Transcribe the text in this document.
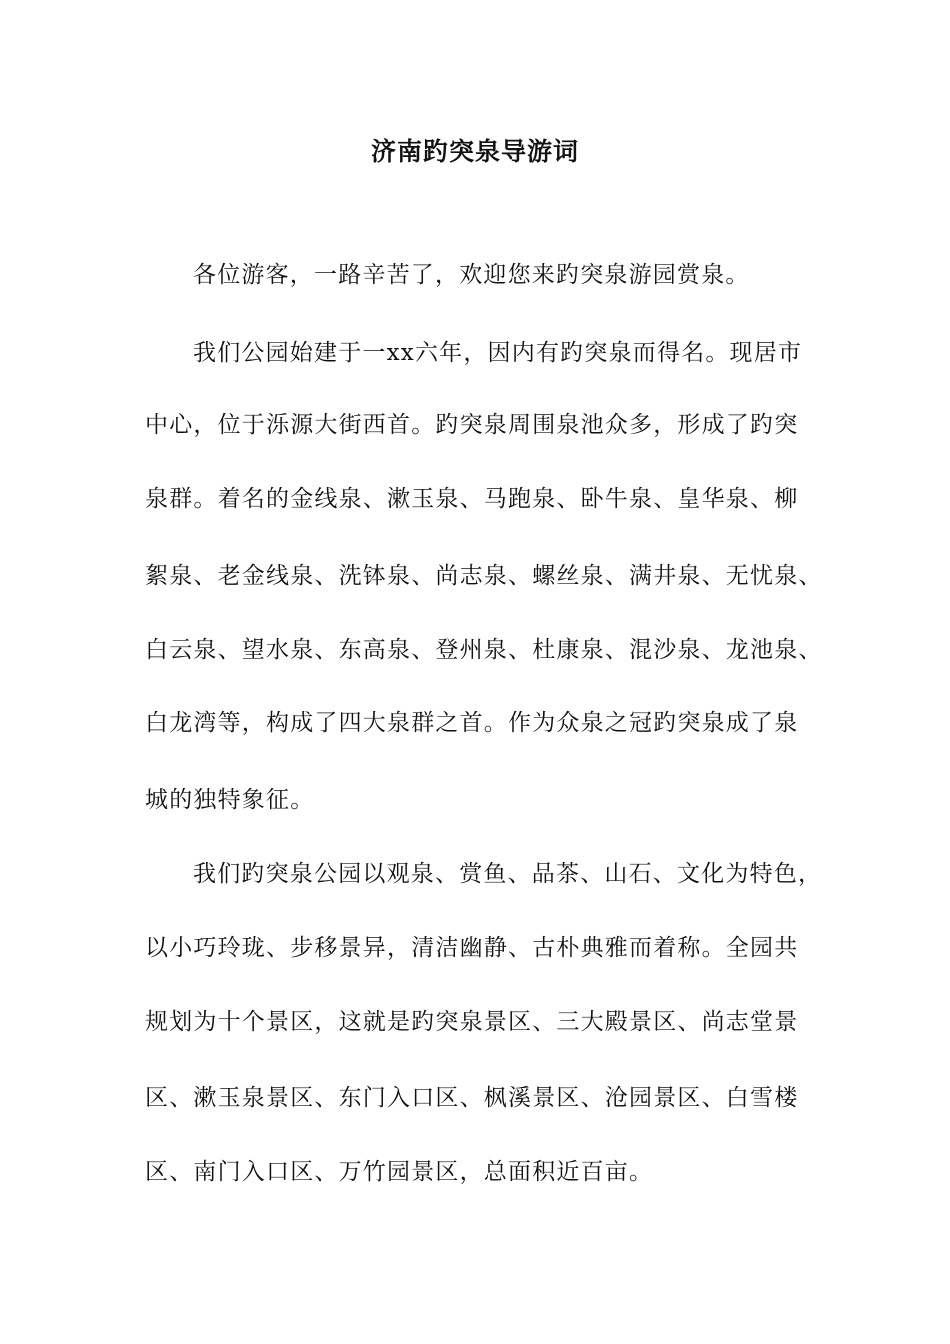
济南趵突泉导游词
各位游客，一路辛苦了，欢迎您来趵突泉游园赏泉。
我们公园始建于一xx六年，因内有趵突泉而得名。现居市
中心，位于泺源大街西首。趵突泉周围泉池众多，形成了趵突
泉群。着名的金线泉、漱玉泉、马跑泉、卧牛泉、皇华泉、柳
絮泉、老金线泉、洗钵泉、尚志泉、螺丝泉、满井泉、无忧泉、
白云泉、望水泉、东高泉、登州泉、杜康泉、混沙泉、龙池泉、
白龙湾等，构成了四大泉群之首。作为众泉之冠趵突泉成了泉
城的独特象征。
我们趵突泉公园以观泉、赏鱼、品茶、山石、文化为特色，
以小巧玲珑、步移景异，清洁幽静、古朴典雅而着称。全园共
规划为十个景区，这就是趵突泉景区、三大殿景区、尚志堂景
区、漱玉泉景区、东门入口区、枫溪景区、沧园景区、白雪楼
区、南门入口区、万竹园景区，总面积近百亩。
